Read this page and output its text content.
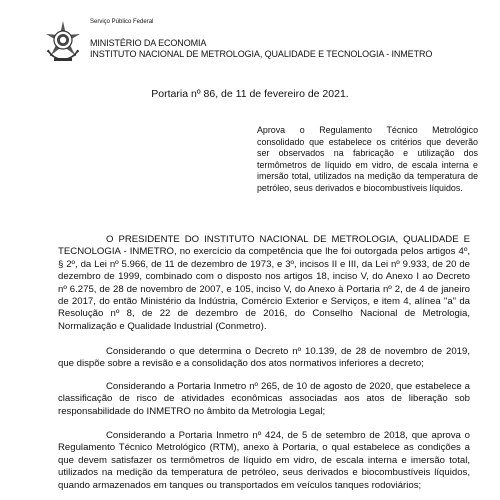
Serviço Público Federal
MINISTÉRIO DA ECONOMIA
INSTITUTO NACIONAL DE METROLOGIA, QUALIDADE E TECNOLOGIA - INMETRO
Portaria nº 86, de 11 de fevereiro de 2021.
Aprova o Regulamento Técnico Metrológico consolidado que estabelece os critérios que deverão ser observados na fabricação e utilização dos termômetros de líquido em vidro, de escala interna e imersão total, utilizados na medição da temperatura de petróleo, seus derivados e biocombustíveis líquidos.

O PRESIDENTE DO INSTITUTO NACIONAL DE METROLOGIA, QUALIDADE E TECNOLOGIA - INMETRO, no exercício da competência que lhe foi outorgada pelos artigos 4º, § 2º, da Lei nº 5.966, de 11 de dezembro de 1973, e 3º, incisos II e III, da Lei nº 9.933, de 20 de dezembro de 1999, combinado com o disposto nos artigos 18, inciso V, do Anexo I ao Decreto nº 6.275, de 28 de novembro de 2007, e 105, inciso V, do Anexo à Portaria nº 2, de 4 de janeiro de 2017, do então Ministério da Indústria, Comércio Exterior e Serviços, e item 4, alínea "a" da Resolução nº 8, de 22 de dezembro de 2016, do Conselho Nacional de Metrologia, Normalização e Qualidade Industrial (Conmetro).

Considerando o que determina o Decreto nº 10.139, de 28 de novembro de 2019, que dispõe sobre a revisão e a consolidação dos atos normativos inferiores a decreto;

Considerando a Portaria Inmetro nº 265, de 10 de agosto de 2020, que estabelece a classificação de risco de atividades econômicas associadas aos atos de liberação sob responsabilidade do INMETRO no âmbito da Metrologia Legal;

Considerando a Portaria Inmetro nº 424, de 5 de setembro de 2018, que aprova o Regulamento Técnico Metrológico (RTM), anexo à Portaria, o qual estabelece as condições a que devem satisfazer os termômetros de líquido em vidro, de escala interna e imersão total, utilizados na medição da temperatura de petróleo, seus derivados e biocombustíveis líquidos, quando armazenados em tanques ou transportados em veículos tanques rodoviários;
